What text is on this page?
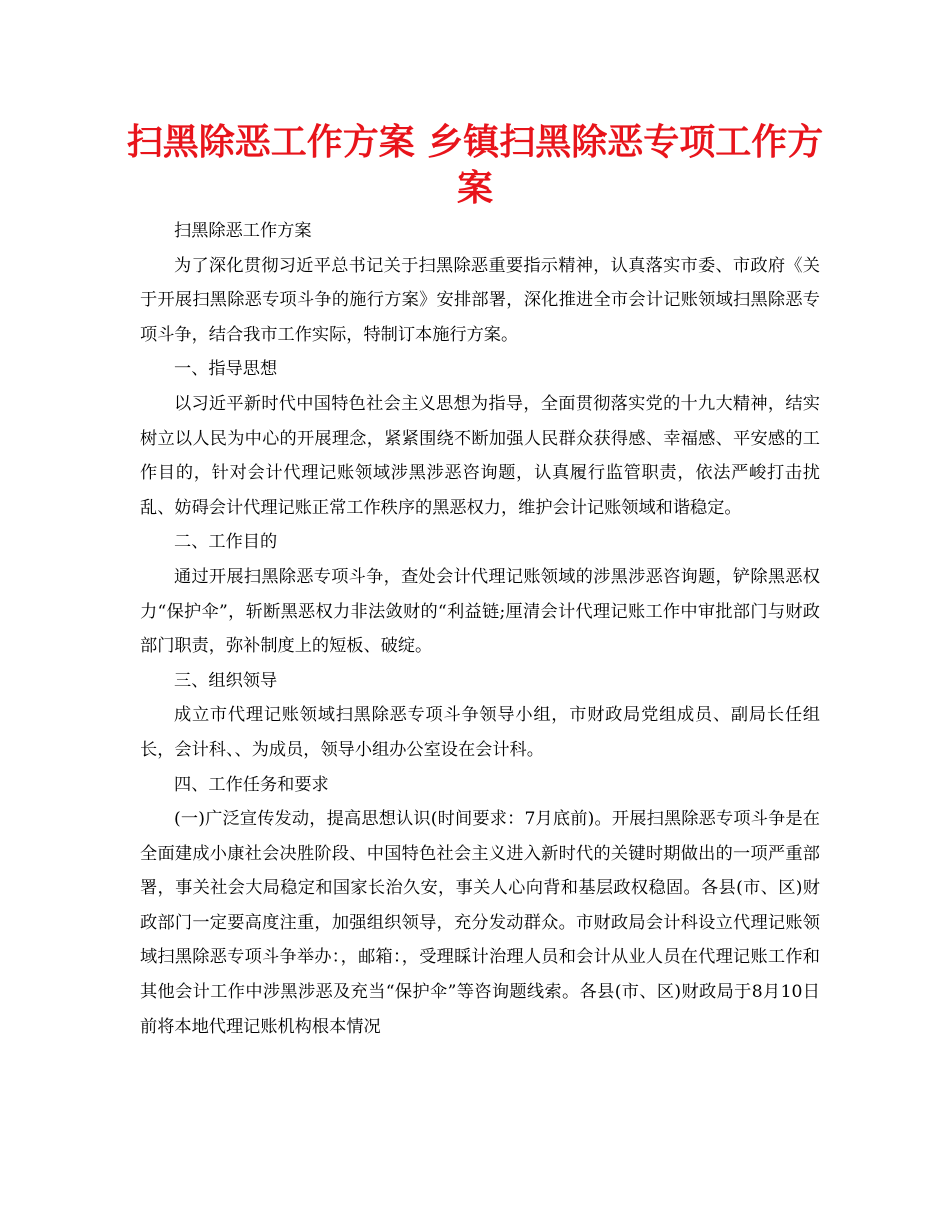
扫黑除恶工作方案 乡镇扫黑除恶专项工作方案

扫黑除恶工作方案

为了深化贯彻习近平总书记关于扫黑除恶重要指示精神，认真落实市委、市政府《关于开展扫黑除恶专项斗争的施行方案》安排部署，深化推进全市会计记账领域扫黑除恶专项斗争，结合我市工作实际，特制订本施行方案。

一、指导思想

以习近平新时代中国特色社会主义思想为指导，全面贯彻落实党的十九大精神，结实树立以人民为中心的开展理念，紧紧围绕不断加强人民群众获得感、幸福感、平安感的工作目的，针对会计代理记账领域涉黑涉恶咨询题，认真履行监管职责，依法严峻打击扰乱、妨碍会计代理记账正常工作秩序的黑恶权力，维护会计记账领域和谐稳定。

二、工作目的

通过开展扫黑除恶专项斗争，查处会计代理记账领域的涉黑涉恶咨询题，铲除黑恶权力“保护伞”，斩断黑恶权力非法敛财的“利益链;厘清会计代理记账工作中审批部门与财政部门职责，弥补制度上的短板、破绽。

三、组织领导

成立市代理记账领域扫黑除恶专项斗争领导小组，市财政局党组成员、副局长任组长，会计科、、为成员，领导小组办公室设在会计科。

四、工作任务和要求

(一)广泛宣传发动，提高思想认识(时间要求：7月底前)。开展扫黑除恶专项斗争是在全面建成小康社会决胜阶段、中国特色社会主义进入新时代的关键时期做出的一项严重部署，事关社会大局稳定和国家长治久安，事关人心向背和基层政权稳固。各县(市、区)财政部门一定要高度注重，加强组织领导，充分发动群众。市财政局会计科设立代理记账领域扫黑除恶专项斗争举办：，邮箱：，受理睬计治理人员和会计从业人员在代理记账工作和其他会计工作中涉黑涉恶及充当“保护伞”等咨询题线索。各县(市、区)财政局于8月10日前将本地代理记账机构根本情况
